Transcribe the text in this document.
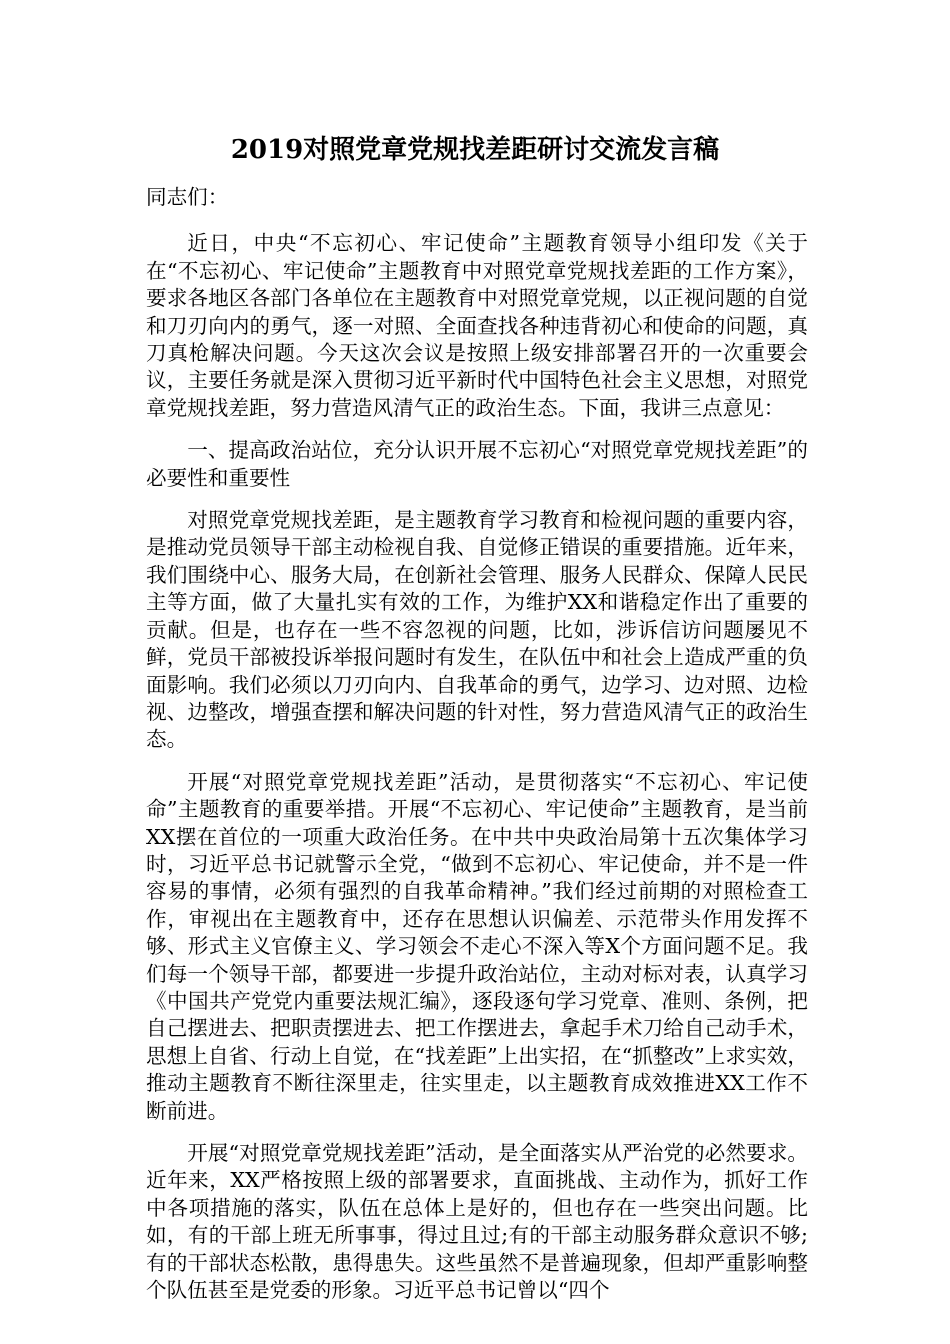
2019对照党章党规找差距研讨交流发言稿

同志们：

近日，中央“不忘初心、牢记使命”主题教育领导小组印发《关于在“不忘初心、牢记使命”主题教育中对照党章党规找差距的工作方案》，要求各地区各部门各单位在主题教育中对照党章党规，以正视问题的自觉和刀刃向内的勇气，逐一对照、全面查找各种违背初心和使命的问题，真刀真枪解决问题。今天这次会议是按照上级安排部署召开的一次重要会议，主要任务就是深入贯彻习近平新时代中国特色社会主义思想，对照党章党规找差距，努力营造风清气正的政治生态。下面，我讲三点意见：

一、提高政治站位，充分认识开展不忘初心“对照党章党规找差距”的必要性和重要性

对照党章党规找差距，是主题教育学习教育和检视问题的重要内容，是推动党员领导干部主动检视自我、自觉修正错误的重要措施。近年来，我们围绕中心、服务大局，在创新社会管理、服务人民群众、保障人民民主等方面，做了大量扎实有效的工作，为维护XX和谐稳定作出了重要的贡献。但是，也存在一些不容忽视的问题，比如，涉诉信访问题屡见不鲜，党员干部被投诉举报问题时有发生，在队伍中和社会上造成严重的负面影响。我们必须以刀刃向内、自我革命的勇气，边学习、边对照、边检视、边整改，增强查摆和解决问题的针对性，努力营造风清气正的政治生态。

开展“对照党章党规找差距”活动，是贯彻落实“不忘初心、牢记使命”主题教育的重要举措。开展“不忘初心、牢记使命”主题教育，是当前XX摆在首位的一项重大政治任务。在中共中央政治局第十五次集体学习时，习近平总书记就警示全党，“做到不忘初心、牢记使命，并不是一件容易的事情，必须有强烈的自我革命精神。”我们经过前期的对照检查工作，审视出在主题教育中，还存在思想认识偏差、示范带头作用发挥不够、形式主义官僚主义、学习领会不走心不深入等X个方面问题不足。我们每一个领导干部，都要进一步提升政治站位，主动对标对表，认真学习《中国共产党党内重要法规汇编》，逐段逐句学习党章、准则、条例，把自己摆进去、把职责摆进去、把工作摆进去，拿起手术刀给自己动手术，思想上自省、行动上自觉，在“找差距”上出实招，在“抓整改”上求实效，推动主题教育不断往深里走，往实里走，以主题教育成效推进XX工作不断前进。

开展“对照党章党规找差距”活动，是全面落实从严治党的必然要求。近年来，XX严格按照上级的部署要求，直面挑战、主动作为，抓好工作中各项措施的落实，队伍在总体上是好的，但也存在一些突出问题。比如，有的干部上班无所事事，得过且过;有的干部主动服务群众意识不够;有的干部状态松散，患得患失。这些虽然不是普遍现象，但却严重影响整个队伍甚至是党委的形象。习近平总书记曾以“四个
